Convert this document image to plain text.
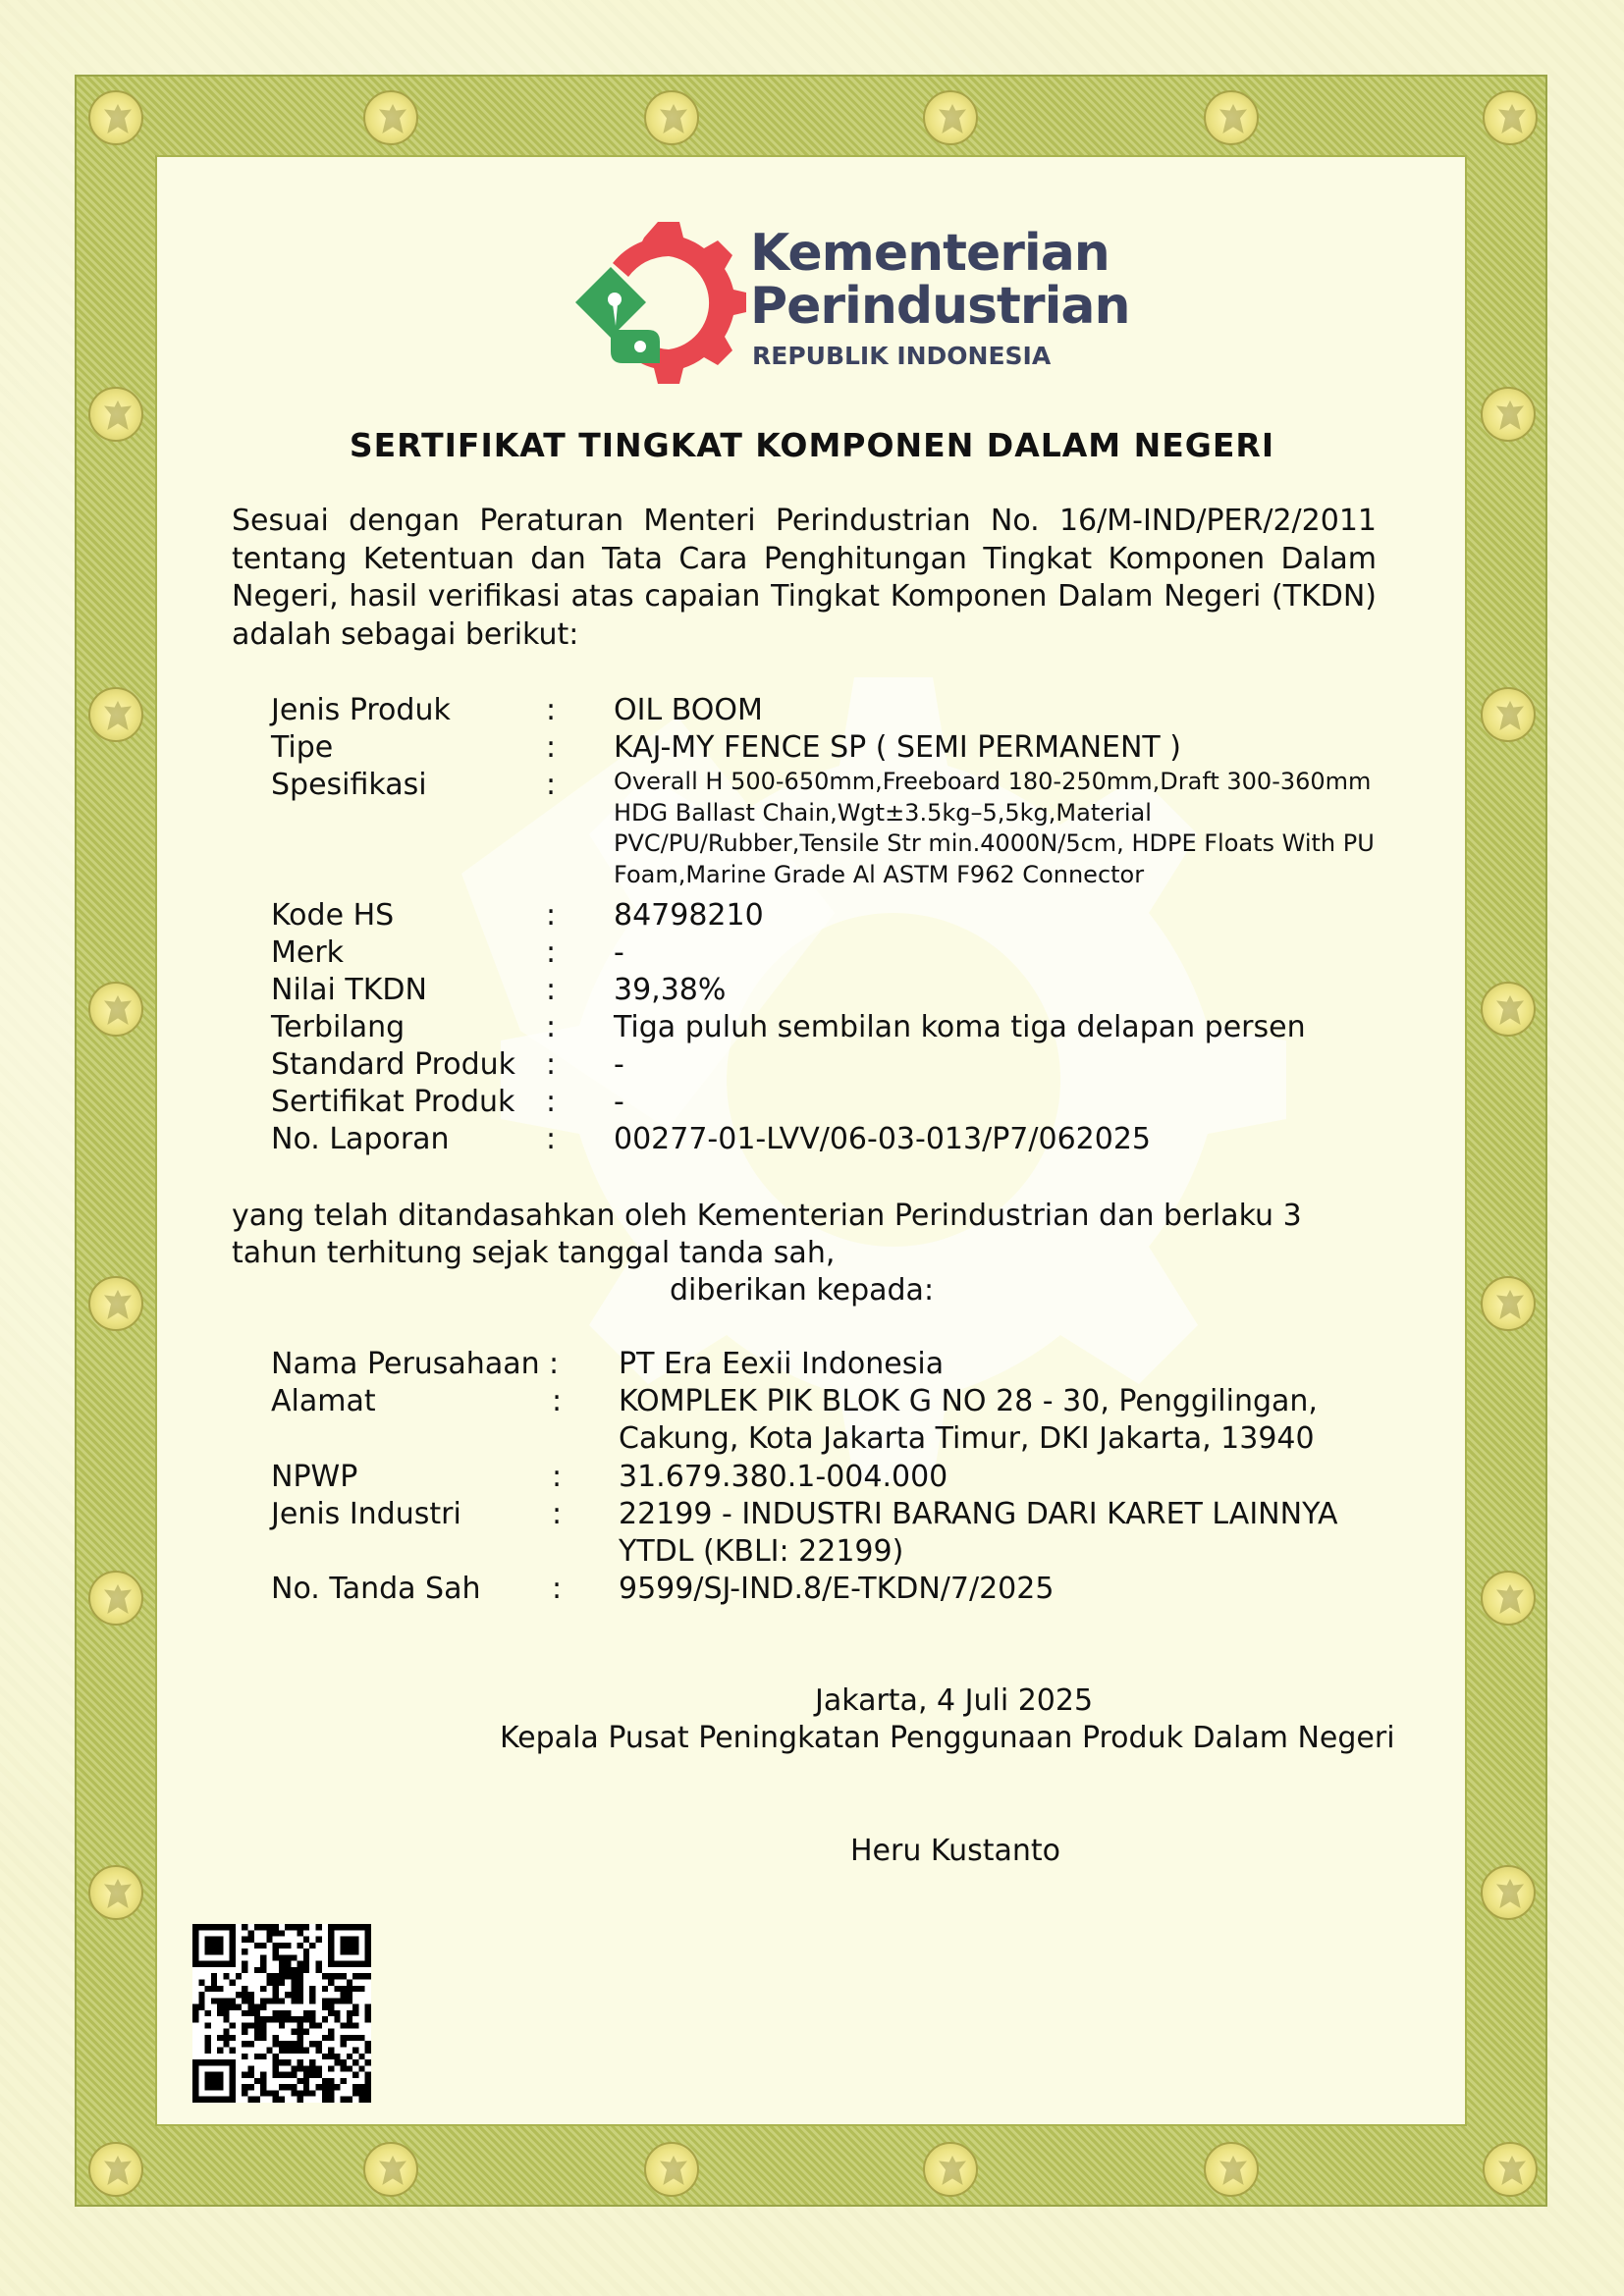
Kementerian
Perindustrian
REPUBLIK INDONESIA
SERTIFIKAT TINGKAT KOMPONEN DALAM NEGERI
Sesuai dengan Peraturan Menteri Perindustrian No. 16/M-IND/PER/2/2011 tentang Ketentuan dan Tata Cara Penghitungan Tingkat Komponen Dalam Negeri, hasil verifikasi atas capaian Tingkat Komponen Dalam Negeri (TKDN) adalah sebagai berikut:
Jenis Produk	: OIL BOOM
Tipe	: KAJ-MY FENCE SP ( SEMI PERMANENT )
Spesifikasi	: Overall H 500-650mm,Freeboard 180-250mm,Draft 300-360mm HDG Ballast Chain,Wgt±3.5kg–5,5kg,Material PVC/PU/Rubber,Tensile Str min.4000N/5cm, HDPE Floats With PU Foam,Marine Grade Al ASTM F962 Connector
Kode HS	: 84798210
Merk	: -
Nilai TKDN	: 39,38%
Terbilang	: Tiga puluh sembilan koma tiga delapan persen
Standard Produk : -
Sertifikat Produk : -
No. Laporan	: 00277-01-LVV/06-03-013/P7/062025
yang telah ditandasahkan oleh Kementerian Perindustrian dan berlaku 3
tahun terhitung sejak tanggal tanda sah,
diberikan kepada:
Nama Perusahaan : PT Era Eexii Indonesia
Alamat	: KOMPLEK PIK BLOK G NO 28 - 30, Penggilingan,
Cakung, Kota Jakarta Timur, DKI Jakarta, 13940
NPWP	: 31.679.380.1-004.000
Jenis Industri	: 22199 - INDUSTRI BARANG DARI KARET LAINNYA
YTDL (KBLI: 22199)
No. Tanda Sah : 9599/SJ-IND.8/E-TKDN/7/2025
Jakarta, 4 Juli 2025
Kepala Pusat Peningkatan Penggunaan Produk Dalam Negeri
Heru Kustanto
